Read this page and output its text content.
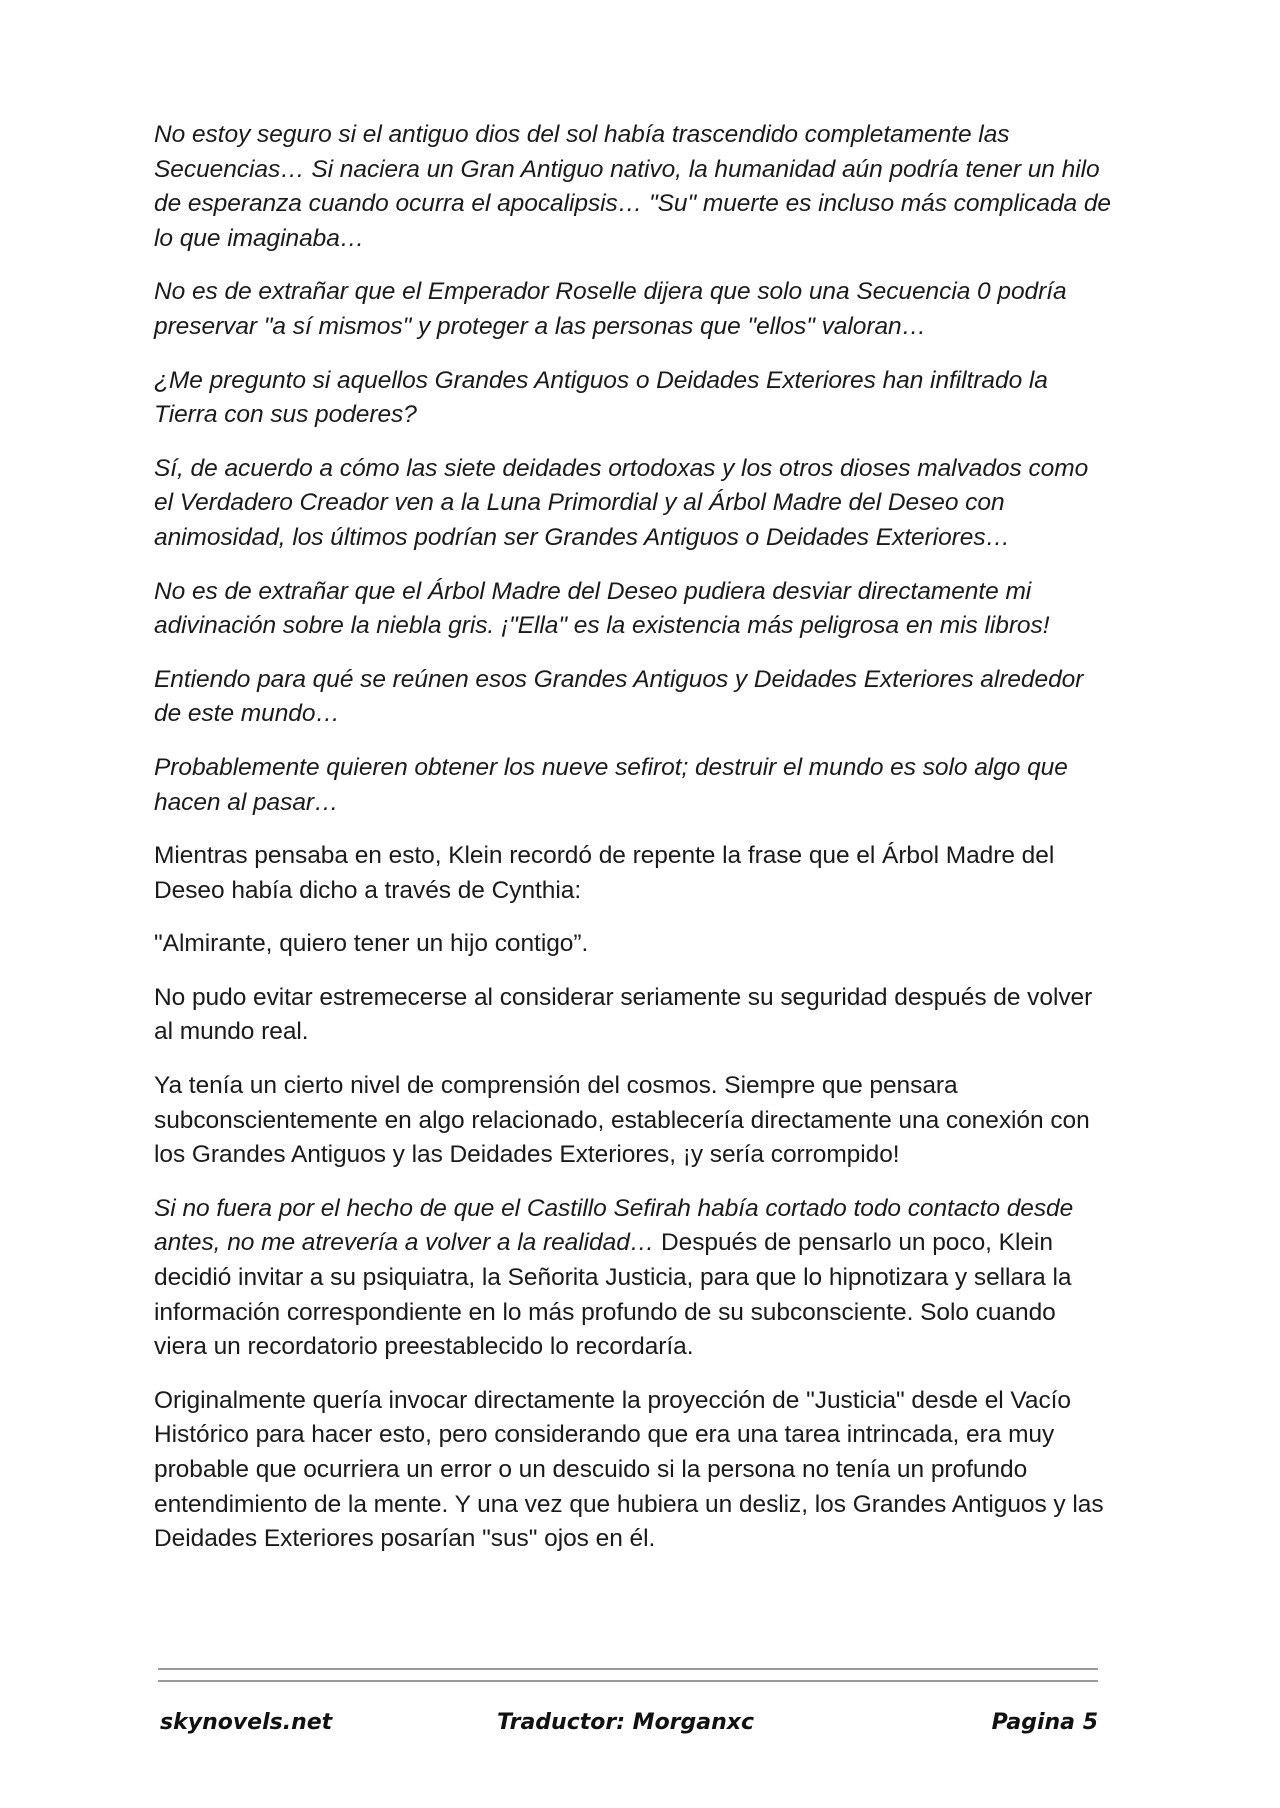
No estoy seguro si el antiguo dios del sol había trascendido completamente las Secuencias… Si naciera un Gran Antiguo nativo, la humanidad aún podría tener un hilo de esperanza cuando ocurra el apocalipsis… "Su" muerte es incluso más complicada de lo que imaginaba…

No es de extrañar que el Emperador Roselle dijera que solo una Secuencia 0 podría preservar "a sí mismos" y proteger a las personas que "ellos" valoran…

¿Me pregunto si aquellos Grandes Antiguos o Deidades Exteriores han infiltrado la Tierra con sus poderes?

Sí, de acuerdo a cómo las siete deidades ortodoxas y los otros dioses malvados como el Verdadero Creador ven a la Luna Primordial y al Árbol Madre del Deseo con animosidad, los últimos podrían ser Grandes Antiguos o Deidades Exteriores…

No es de extrañar que el Árbol Madre del Deseo pudiera desviar directamente mi adivinación sobre la niebla gris. ¡"Ella" es la existencia más peligrosa en mis libros!

Entiendo para qué se reúnen esos Grandes Antiguos y Deidades Exteriores alrededor de este mundo…

Probablemente quieren obtener los nueve sefirot; destruir el mundo es solo algo que hacen al pasar…

Mientras pensaba en esto, Klein recordó de repente la frase que el Árbol Madre del Deseo había dicho a través de Cynthia:

"Almirante, quiero tener un hijo contigo”.

No pudo evitar estremecerse al considerar seriamente su seguridad después de volver al mundo real.

Ya tenía un cierto nivel de comprensión del cosmos. Siempre que pensara subconscientemente en algo relacionado, establecería directamente una conexión con los Grandes Antiguos y las Deidades Exteriores, ¡y sería corrompido!

Si no fuera por el hecho de que el Castillo Sefirah había cortado todo contacto desde antes, no me atrevería a volver a la realidad… Después de pensarlo un poco, Klein decidió invitar a su psiquiatra, la Señorita Justicia, para que lo hipnotizara y sellara la información correspondiente en lo más profundo de su subconsciente. Solo cuando viera un recordatorio preestablecido lo recordaría.

Originalmente quería invocar directamente la proyección de "Justicia" desde el Vacío Histórico para hacer esto, pero considerando que era una tarea intrincada, era muy probable que ocurriera un error o un descuido si la persona no tenía un profundo entendimiento de la mente. Y una vez que hubiera un desliz, los Grandes Antiguos y las Deidades Exteriores posarían "sus" ojos en él.

skynovels.net	Traductor: Morganxc	Pagina 5
